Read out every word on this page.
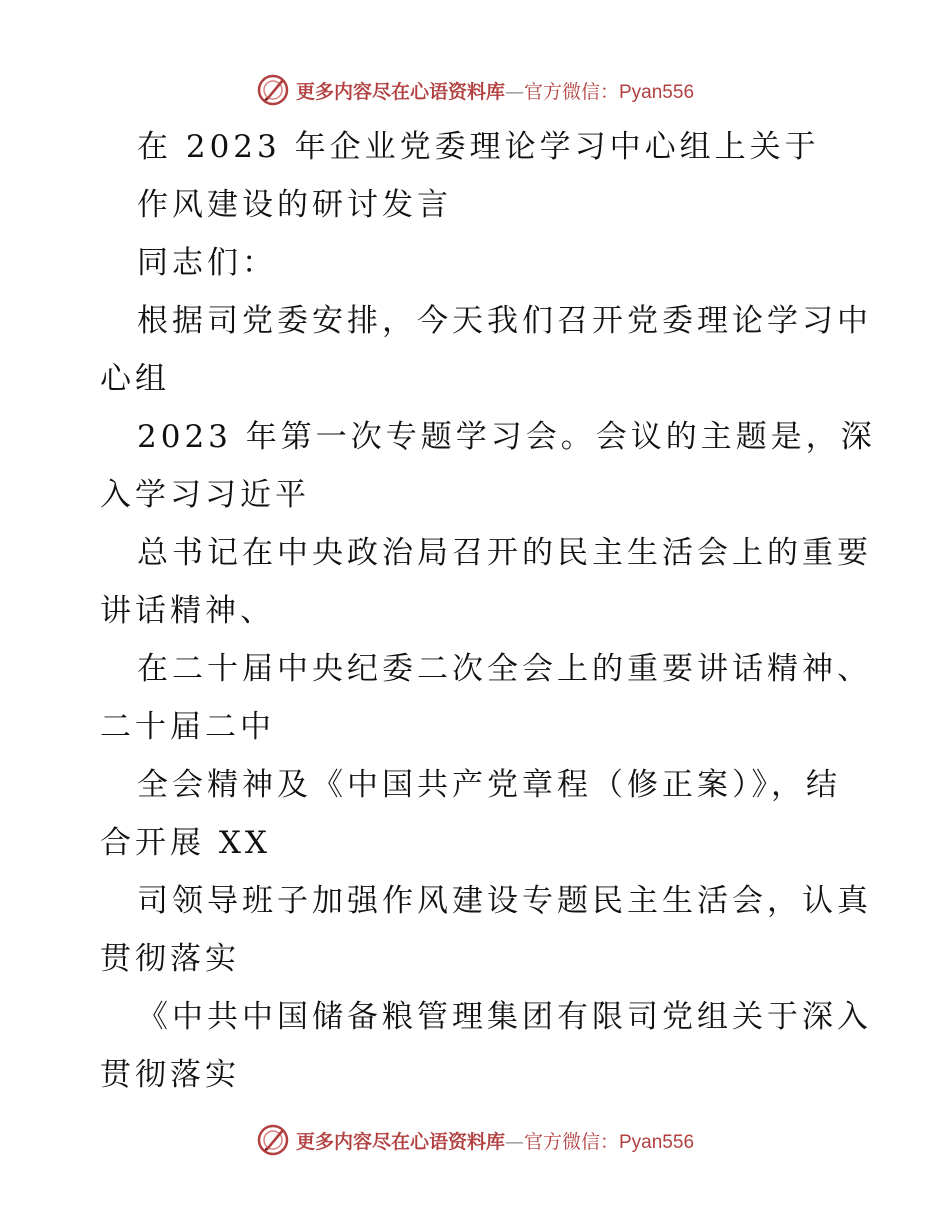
更多内容尽在心语资料库—官方微信：Pyan556
在 2023 年企业党委理论学习中心组上关于
作风建设的研讨发言
同志们：
根据司党委安排，今天我们召开党委理论学习中
心组
2023 年第一次专题学习会。会议的主题是，深
入学习习近平
总书记在中央政治局召开的民主生活会上的重要
讲话精神、
在二十届中央纪委二次全会上的重要讲话精神、
二十届二中
全会精神及《中国共产党章程（修正案）》，结
合开展 XX
司领导班子加强作风建设专题民主生活会，认真
贯彻落实
《中共中国储备粮管理集团有限司党组关于深入
贯彻落实
更多内容尽在心语资料库—官方微信：Pyan556
